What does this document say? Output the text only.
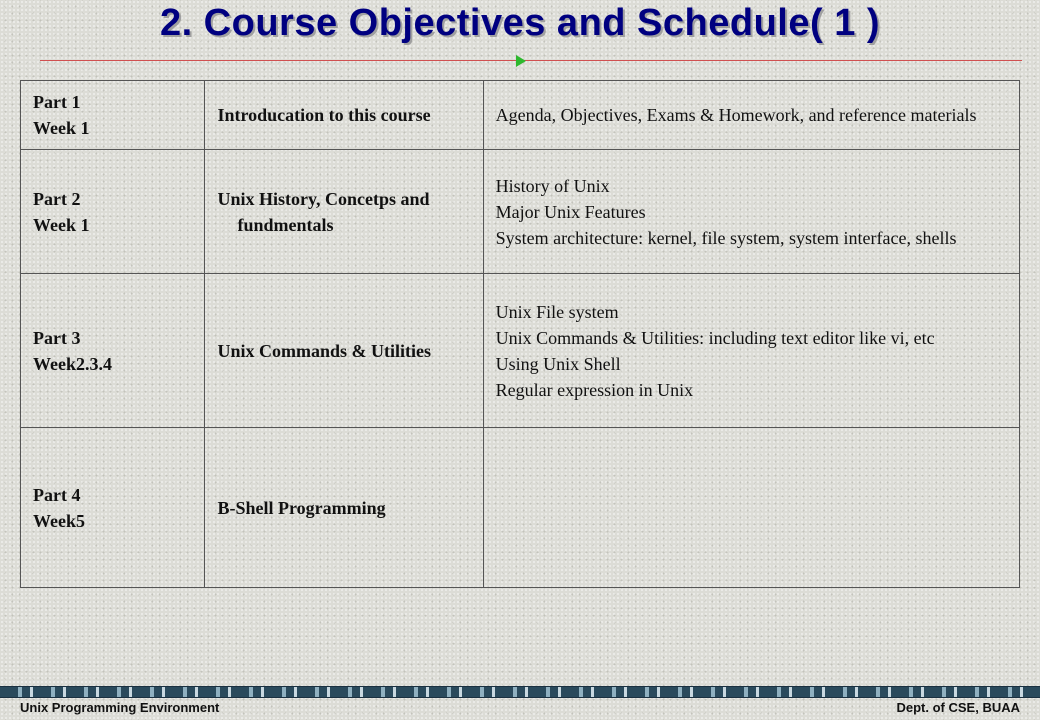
2. Course Objectives and Schedule( 1 )
Part 1
Week 1	Introducation to this course	Agenda, Objectives, Exams & Homework, and reference materials

Part 2
Week 1	Unix History, Concetps and fundmentals	History of Unix
Major Unix Features
System architecture: kernel, file system, system interface, shells

Part 3
Week2.3.4	Unix Commands & Utilities	Unix File system
Unix Commands & Utilities: including text editor like vi, etc
Using Unix Shell
Regular expression in Unix

Part 4
Week5	B-Shell Programming	

Unix Programming Environment	Dept. of CSE, BUAA
